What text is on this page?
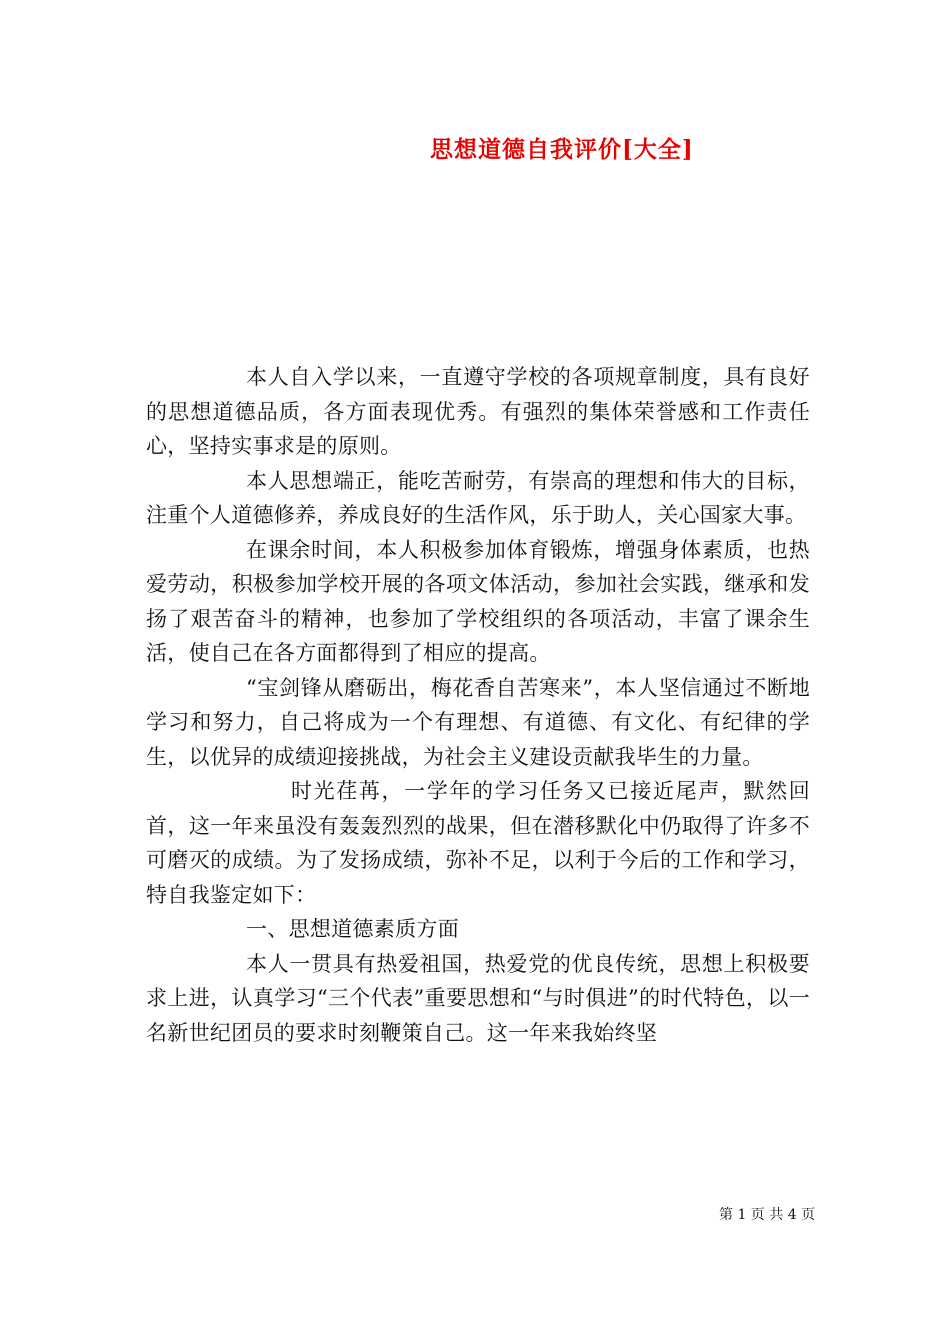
思想道德自我评价[大全]

本人自入学以来，一直遵守学校的各项规章制度，具有良好的思想道德品质，各方面表现优秀。有强烈的集体荣誉感和工作责任心，坚持实事求是的原则。

本人思想端正，能吃苦耐劳，有崇高的理想和伟大的目标，注重个人道德修养，养成良好的生活作风，乐于助人，关心国家大事。

在课余时间，本人积极参加体育锻炼，增强身体素质，也热爱劳动，积极参加学校开展的各项文体活动，参加社会实践，继承和发扬了艰苦奋斗的精神，也参加了学校组织的各项活动，丰富了课余生活，使自己在各方面都得到了相应的提高。

“宝剑锋从磨砺出，梅花香自苦寒来”，本人坚信通过不断地学习和努力，自己将成为一个有理想、有道德、有文化、有纪律的学生，以优异的成绩迎接挑战，为社会主义建设贡献我毕生的力量。

时光荏苒，一学年的学习任务又已接近尾声，默然回首，这一年来虽没有轰轰烈烈的战果，但在潜移默化中仍取得了许多不可磨灭的成绩。为了发扬成绩，弥补不足，以利于今后的工作和学习，特自我鉴定如下：

一、思想道德素质方面

本人一贯具有热爱祖国，热爱党的优良传统，思想上积极要求上进，认真学习“三个代表”重要思想和“与时俱进”的时代特色，以一名新世纪团员的要求时刻鞭策自己。这一年来我始终坚

第 1 页 共 4 页
